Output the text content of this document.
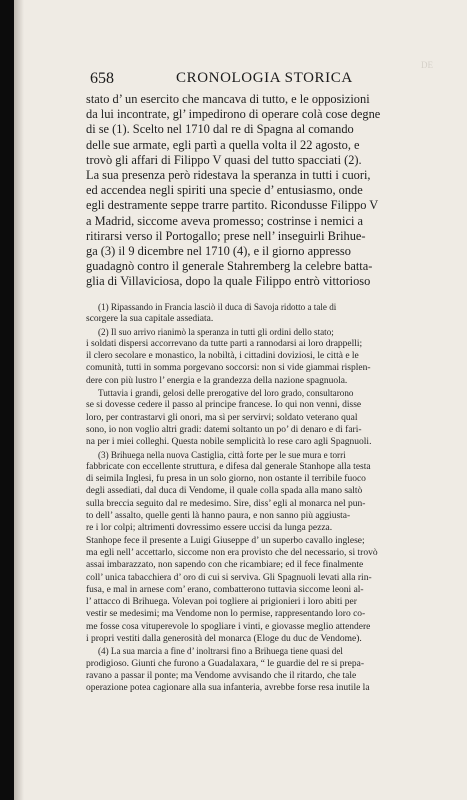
DE
658	CRONOLOGIA STORICA
stato d’ un esercito che mancava di tutto, e le opposizioni
da lui incontrate, gl’ impedirono di operare colà cose degne
di se (1). Scelto nel 1710 dal re di Spagna al comando
delle sue armate, egli partì a quella volta il 22 agosto, e
trovò gli affari di Filippo V quasi del tutto spacciati (2).
La sua presenza però ridestava la speranza in tutti i cuori,
ed accendea negli spiriti una specie d’ entusiasmo, onde
egli destramente seppe trarre partito. Ricondusse Filippo V
a Madrid, siccome aveva promesso; costrinse i nemici a
ritirarsi verso il Portogallo; prese nell’ inseguirli Brihue-
ga (3) il 9 dicembre nel 1710 (4), e il giorno appresso
guadagnò contro il generale Stahremberg la celebre batta-
glia di Villaviciosa, dopo la quale Filippo entrò vittorioso
(1) Ripassando in Francia lasciò il duca di Savoja ridotto a tale di
scorgere la sua capitale assediata.
(2) Il suo arrivo rianimò la speranza in tutti gli ordini dello stato;
i soldati dispersi accorrevano da tutte parti a rannodarsi ai loro drappelli;
il clero secolare e monastico, la nobiltà, i cittadini doviziosi, le città e le
comunità, tutti in somma porgevano soccorsi: non si vide giammai risplen-
dere con più lustro l’ energia e la grandezza della nazione spagnuola.
Tuttavia i grandi, gelosi delle prerogative del loro grado, consultarono
se si dovesse cedere il passo al principe francese. Io qui non venni, disse
loro, per contrastarvi gli onori, ma sì per servirvi; soldato veterano qual
sono, io non voglio altri gradi: datemi soltanto un po’ di denaro e di fari-
na per i miei colleghi. Questa nobile semplicità lo rese caro agli Spagnuoli.
(3) Brihuega nella nuova Castiglia, città forte per le sue mura e torri
fabbricate con eccellente struttura, e difesa dal generale Stanhope alla testa
di seimila Inglesi, fu presa in un solo giorno, non ostante il terribile fuoco
degli assediati, dal duca di Vendome, il quale colla spada alla mano saltò
sulla breccia seguito dal re medesimo. Sire, diss’ egli al monarca nel pun-
to dell’ assalto, quelle genti là hanno paura, e non sanno più aggiusta-
re i lor colpi; altrimenti dovressimo essere uccisi da lunga pezza.
Stanhope fece il presente a Luigi Giuseppe d’ un superbo cavallo inglese;
ma egli nell’ accettarlo, siccome non era provisto che del necessario, si trovò
assai imbarazzato, non sapendo con che ricambiare; ed il fece finalmente
coll’ unica tabacchiera d’ oro di cui si serviva. Gli Spagnuoli levati alla rin-
fusa, e mal in arnese com’ erano, combatterono tuttavia siccome leoni al-
l’ attacco di Brihuega. Volevan poi togliere ai prigionieri i loro abiti per
vestir se medesimi; ma Vendome non lo permise, rappresentando loro co-
me fosse cosa vituperevole lo spogliare i vinti, e giovasse meglio attendere
i propri vestiti dalla generosità del monarca (Eloge du duc de Vendome).
(4) La sua marcia a fine d’ inoltrarsi fino a Brihuega tiene quasi del
prodigioso. Giunti che furono a Guadalaxara, “ le guardie del re si prepa-
ravano a passar il ponte; ma Vendome avvisando che il ritardo, che tale
operazione potea cagionare alla sua infanteria, avrebbe forse resa inutile la
